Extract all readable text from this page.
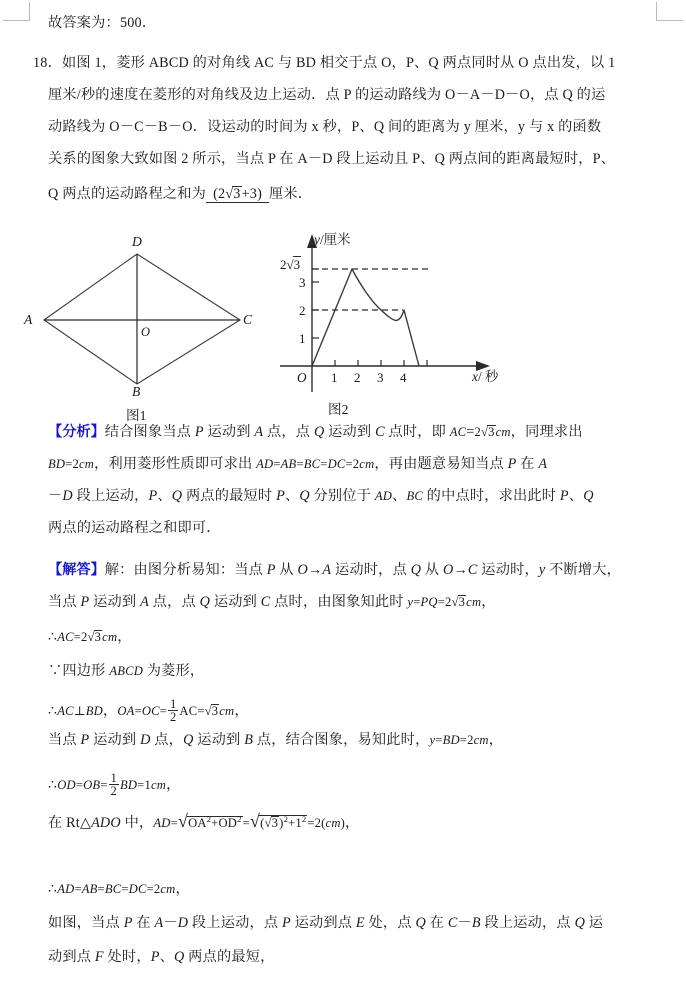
故答案为：500．
18．如图 1，菱形 ABCD 的对角线 AC 与 BD 相交于点 O，P、Q 两点同时从 O 点出发，以 1
厘米/秒的速度在菱形的对角线及边上运动．点 P 的运动路线为 O－A－D－O，点 Q 的运
动路线为 O－C－B－O．设运动的时间为 x 秒，P、Q 间的距离为 y 厘米，y 与 x 的函数
关系的图象大致如图 2 所示，当点 P 在 A－D 段上运动且 P、Q 两点间的距离最短时，P、
Q 两点的运动路程之和为 (2√3+3) 厘米．
A
D
C
B
O
图1
y/厘米
x/ 秒
O 1 2 3 4
1
2
3
2√3
图2
【分析】结合图象当点 P 运动到 A 点，点 Q 运动到 C 点时，即 AC=2√3cm，同理求出
BD=2cm，利用菱形性质即可求出 AD=AB=BC=DC=2cm，再由题意易知当点 P 在 A
－D 段上运动，P、Q 两点的最短时 P、Q 分别位于 AD、BC 的中点时，求出此时 P、Q
两点的运动路程之和即可．
【解答】解：由图分析易知：当点 P 从 O→A 运动时，点 Q 从 O→C 运动时，y 不断增大，
当点 P 运动到 A 点，点 Q 运动到 C 点时，由图象知此时 y=PQ=2√3cm，
∴AC=2√3cm，
∵四边形 ABCD 为菱形，
∴AC⊥BD，$OA=OC= \frac{1}{2} AC=√3cm$，
当点 P 运动到 D 点，Q 运动到 B 点，结合图象，易知此时，y=BD=2cm，
∴OD=OB= $\frac{1}{2} BD=1cm$，
在 Rt△ADO 中，$AD=√OA^2+OD^2=√(√3)^2+1^2=2(cm)$，
∴AD=AB=BC=DC=2cm，
如图，当点 P 在 A－D 段上运动，点 P 运动到点 E 处，点 Q 在 C－B 段上运动，点 Q 运
动到点 F 处时，P、Q 两点的最短，
